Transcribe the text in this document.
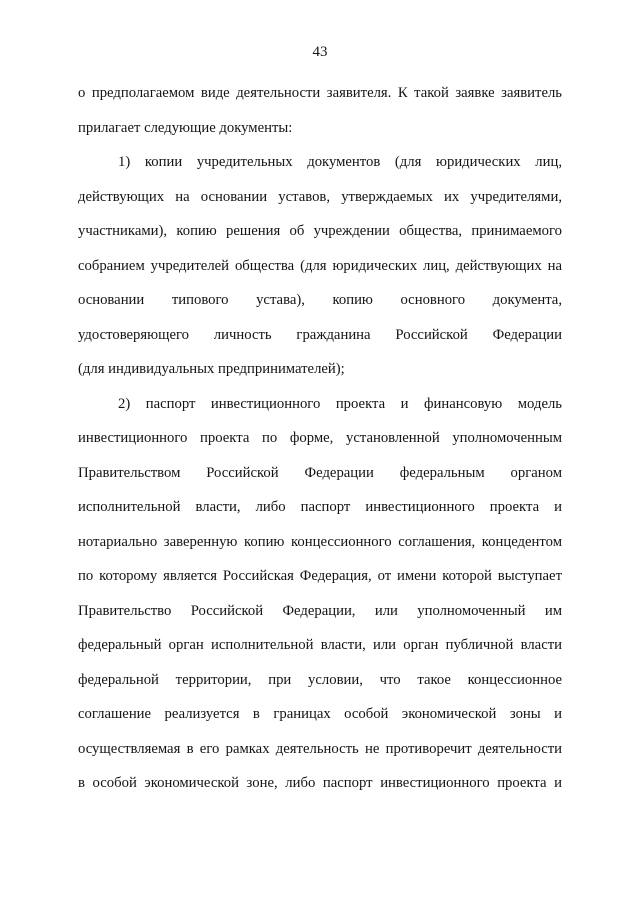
43
о предполагаемом виде деятельности заявителя. К такой заявке заявитель
прилагает следующие документы:
1) копии учредительных документов (для юридических лиц,
действующих на основании уставов, утверждаемых их учредителями,
участниками), копию решения об учреждении общества, принимаемого
собранием учредителей общества (для юридических лиц, действующих на
основании типового устава), копию основного документа,
удостоверяющего личность гражданина Российской Федерации
(для индивидуальных предпринимателей);
2) паспорт инвестиционного проекта и финансовую модель
инвестиционного проекта по форме, установленной уполномоченным
Правительством Российской Федерации федеральным органом
исполнительной власти, либо паспорт инвестиционного проекта и
нотариально заверенную копию концессионного соглашения, концедентом
по которому является Российская Федерация, от имени которой выступает
Правительство Российской Федерации, или уполномоченный им
федеральный орган исполнительной власти, или орган публичной власти
федеральной территории, при условии, что такое концессионное
соглашение реализуется в границах особой экономической зоны и
осуществляемая в его рамках деятельность не противоречит деятельности
в особой экономической зоне, либо паспорт инвестиционного проекта и
